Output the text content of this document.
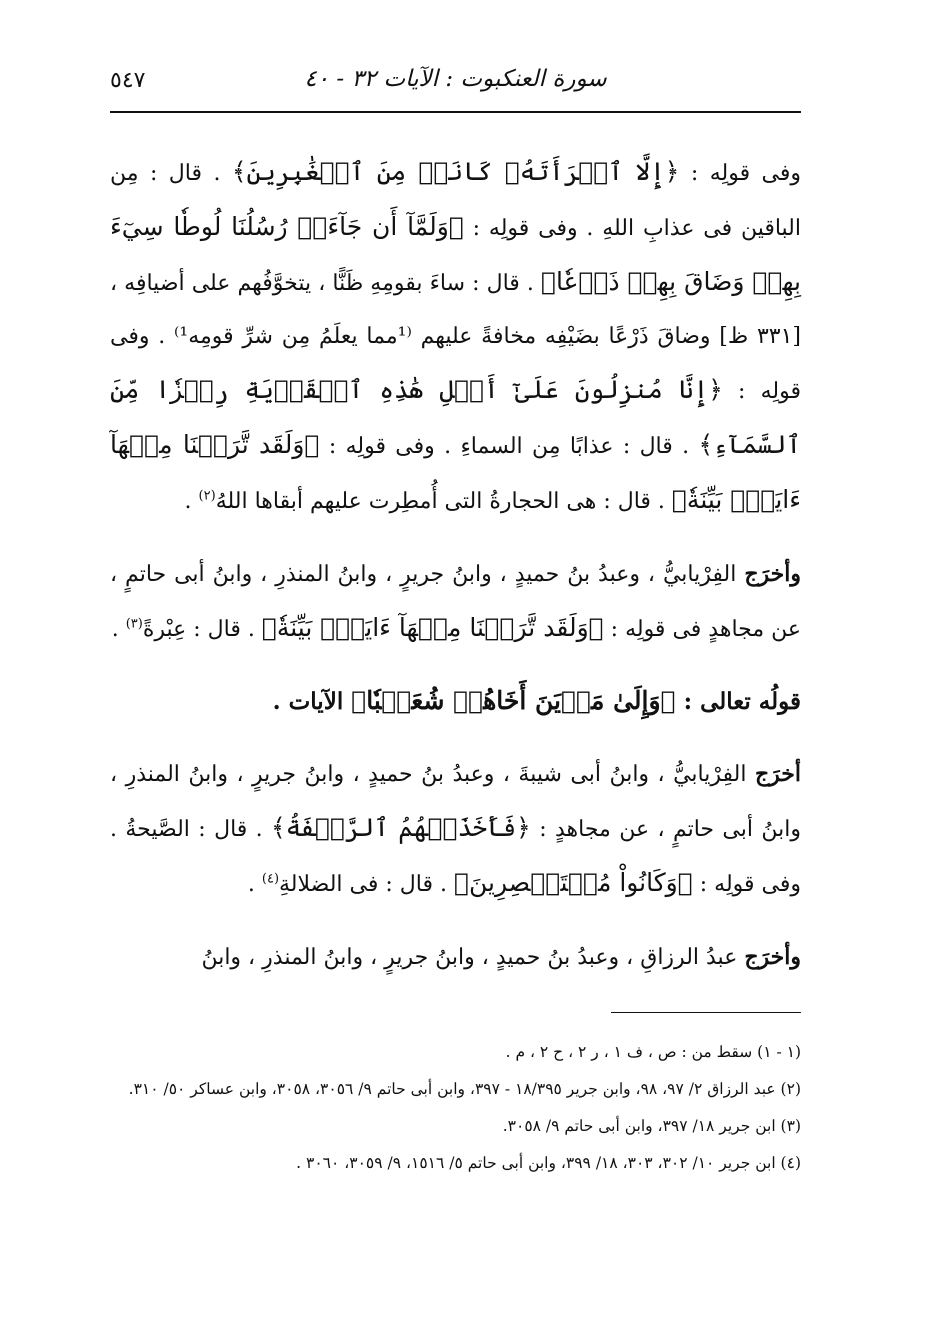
سورة العنكبوت : الآيات ٣٢ - ٤٠
٥٤٧

وفى قولِه : ﴿إِلَّا ٱمۡرَأَتَهُۥ كَانَتۡ مِنَ ٱلۡغَٰبِرِينَ﴾ . قال : مِن الباقين فى عذابِ اللهِ . وفى قولِه : ﴿وَلَمَّآ أَن جَآءَتۡ رُسُلُنَا لُوطٗا سِيٓءَ بِهِمۡ وَضَاقَ بِهِمۡ ذَرۡعٗا﴾ . قال : ساءَ بقومِهِ ظَنًّا ، يتخوَّفُهم على أضيافِه ، [٣٣١ ظ] وضاقَ ذَرْعًا بضَيْفِه مخافةً عليهم ⁽¹مما يعلَمُ مِن شرِّ قومِه¹⁾ . وفى قولِه : ﴿إِنَّا مُنزِلُونَ عَلَىٰٓ أَهۡلِ هَٰذِهِ ٱلۡقَرۡيَةِ رِجۡزٗا مِّنَ ٱلسَّمَآءِ﴾ . قال : عذابًا مِن السماءِ . وفى قولِه : ﴿وَلَقَد تَّرَكۡنَا مِنۡهَآ ءَايَةَۢ بَيِّنَةٗ﴾ . قال : هى الحجارةُ التى أُمطِرت عليهم أبقاها اللهُ$^{(٢)}$ .

وأخرَج الفِرْيابيُّ ، وعبدُ بنُ حميدٍ ، وابنُ جريرٍ ، وابنُ المنذرِ ، وابنُ أبى حاتمٍ ، عن مجاهدٍ فى قولِه : ﴿وَلَقَد تَّرَكۡنَا مِنۡهَآ ءَايَةَۢ بَيِّنَةٗ﴾ . قال : عِبْرةً$^{(٣)}$ .

قولُه تعالى : ﴿وَإِلَىٰ مَدۡيَنَ أَخَاهُمۡ شُعَيۡبٗا﴾ الآيات .

أخرَج الفِرْيابيُّ ، وابنُ أبى شيبةَ ، وعبدُ بنُ حميدٍ ، وابنُ جريرٍ ، وابنُ المنذرِ ، وابنُ أبى حاتمٍ ، عن مجاهدٍ : ﴿فَأَخَذَتۡهُمُ ٱلرَّجۡفَةُ﴾ . قال : الصَّيحةُ . وفى قولِه : ﴿وَكَانُواْ مُسۡتَبۡصِرِينَ﴾ . قال : فى الضلالةِ$^{(٤)}$ .

وأخرَج عبدُ الرزاقِ ، وعبدُ بنُ حميدٍ ، وابنُ جريرٍ ، وابنُ المنذرِ ، وابنُ

(١ - ١) سقط من : ص ، ف ١ ، ر ٢ ، ح ٢ ، م .

(٢) عبد الرزاق ٢/ ٩٧، ٩٨، وابن جرير ١٨/٣٩٥ - ٣٩٧، وابن أبى حاتم ٩/ ٣٠٥٦، ٣٠٥٨، وابن عساكر ٥٠/ ٣١٠.

(٣) ابن جرير ١٨/ ٣٩٧، وابن أبى حاتم ٩/ ٣٠٥٨.

(٤) ابن جرير ١٠/ ٣٠٢، ٣٠٣، ١٨/ ٣٩٩، وابن أبى حاتم ٥/ ١٥١٦، ٩/ ٣٠٥٩، ٣٠٦٠ .
